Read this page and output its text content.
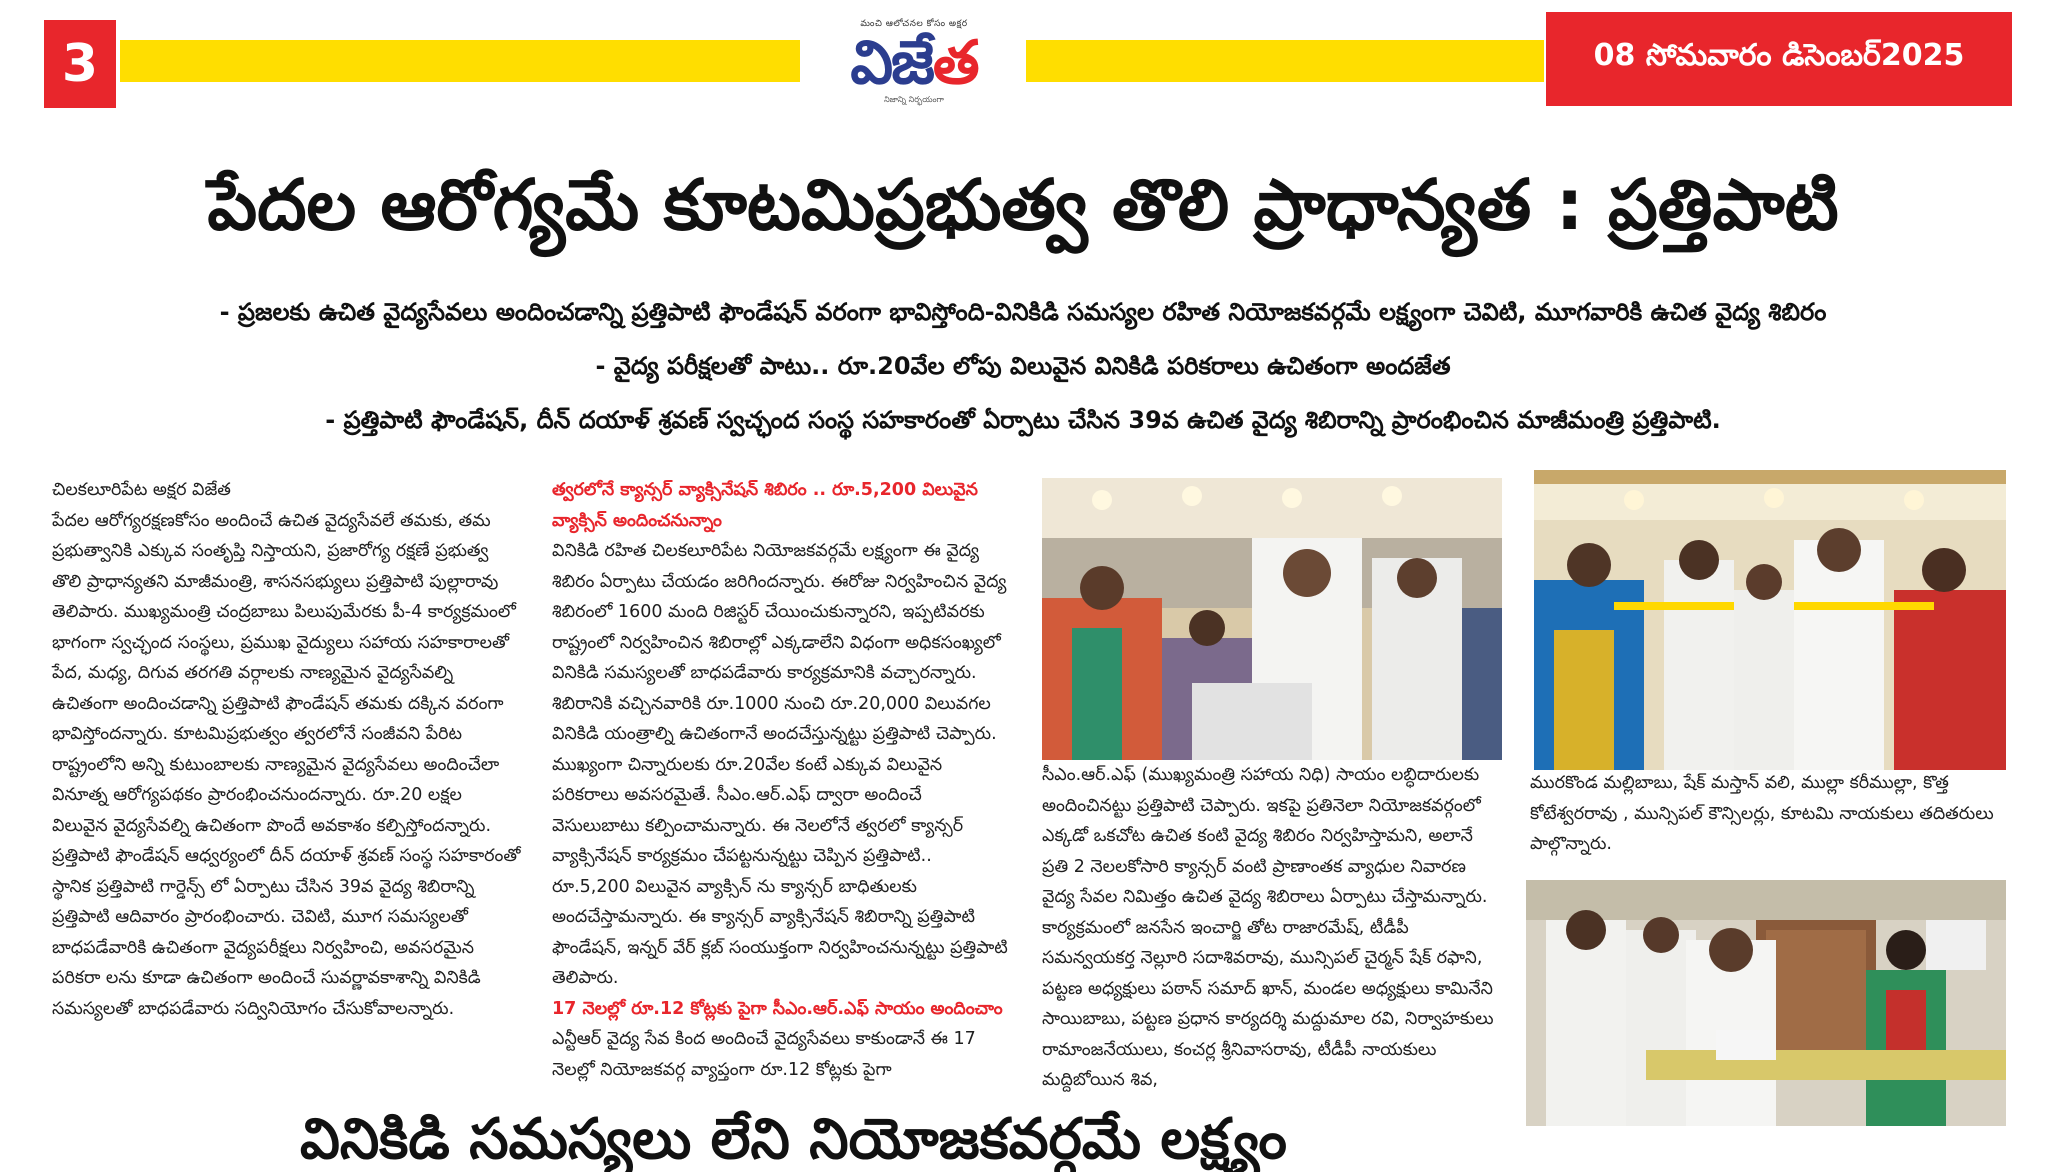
3
మంచి ఆలోచనల కోసం అక్షర
విజేత
నిజాన్ని నిర్భయంగా
08 సోమవారం డిసెంబర్2025
పేదల ఆరోగ్యమే కూటమిప్రభుత్వ తొలి ప్రాధాన్యత : ప్రత్తిపాటి
- ప్రజలకు ఉచిత వైద్యసేవలు అందించడాన్ని ప్రత్తిపాటి ఫౌండేషన్ వరంగా భావిస్తోంది-వినికిడి సమస్యల రహిత నియోజకవర్గమే లక్ష్యంగా చెవిటి, మూగవారికి ఉచిత వైద్య శిబిరం
- వైద్య పరీక్షలతో పాటు.. రూ.20వేల లోపు విలువైన వినికిడి పరికరాలు ఉచితంగా అందజేత
- ప్రత్తిపాటి ఫౌండేషన్, దీన్ దయాళ్ శ్రవణ్ స్వచ్ఛంద సంస్థ సహకారంతో ఏర్పాటు చేసిన 39వ ఉచిత వైద్య శిబిరాన్ని ప్రారంభించిన మాజీమంత్రి ప్రత్తిపాటి.

చిలకలూరిపేట అక్షర విజేత

పేదల ఆరోగ్యరక్షణకోసం అందించే ఉచిత వైద్యసేవలే తమకు, తమ ప్రభుత్వానికి ఎక్కువ సంతృప్తి నిస్తాయని, ప్రజారోగ్య రక్షణే ప్రభుత్వ తొలి ప్రాధాన్యతని మాజీమంత్రి, శాసనసభ్యులు ప్రత్తిపాటి పుల్లారావు తెలిపారు. ముఖ్యమంత్రి చంద్రబాబు పిలుపుమేరకు పీ-4 కార్యక్రమంలో భాగంగా స్వచ్ఛంద సంస్థలు, ప్రముఖ వైద్యులు సహాయ సహకారాలతో పేద, మధ్య, దిగువ తరగతి వర్గాలకు నాణ్యమైన వైద్యసేవల్ని ఉచితంగా అందించడాన్ని ప్రత్తిపాటి ఫౌండేషన్ తమకు దక్కిన వరంగా భావిస్తోందన్నారు. కూటమిప్రభుత్వం త్వరలోనే సంజీవని పేరిట రాష్ట్రంలోని అన్ని కుటుంబాలకు నాణ్యమైన వైద్యసేవలు అందించేలా వినూత్న ఆరోగ్యపథకం ప్రారంభించనుందన్నారు. రూ.20 లక్షల విలువైన వైద్యసేవల్ని ఉచితంగా పొందే అవకాశం కల్పిస్తోందన్నారు.

ప్రత్తిపాటి ఫౌండేషన్ ఆధ్వర్యంలో దీన్ దయాళ్ శ్రవణ్ సంస్థ సహకారంతో స్థానిక ప్రత్తిపాటి గార్డెన్స్ లో ఏర్పాటు చేసిన 39వ వైద్య శిబిరాన్ని ప్రత్తిపాటి ఆదివారం ప్రారంభించారు. చెవిటి, మూగ సమస్యలతో బాధపడేవారికి ఉచితంగా వైద్యపరీక్షలు నిర్వహించి, అవసరమైన పరికరా లను కూడా ఉచితంగా అందించే సువర్ణావకాశాన్ని వినికిడి సమస్యలతో బాధపడేవారు సద్వినియోగం చేసుకోవాలన్నారు.

త్వరలోనే క్యాన్సర్ వ్యాక్సినేషన్ శిబిరం .. రూ.5,200 విలువైన వ్యాక్సిన్ అందించనున్నాం

వినికిడి రహిత చిలకలూరిపేట నియోజకవర్గమే లక్ష్యంగా ఈ వైద్య శిబిరం ఏర్పాటు చేయడం జరిగిందన్నారు. ఈరోజు నిర్వహించిన వైద్య శిబిరంలో 1600 మంది రిజిస్టర్ చేయించుకున్నారని, ఇప్పటివరకు రాష్ట్రంలో నిర్వహించిన శిబిరాల్లో ఎక్కడాలేని విధంగా అధికసంఖ్యలో వినికిడి సమస్యలతో బాధపడేవారు కార్యక్రమానికి వచ్చారన్నారు. శిబిరానికి వచ్చినవారికి రూ.1000 నుంచి రూ.20,000 విలువగల వినికిడి యంత్రాల్ని ఉచితంగానే అందచేస్తున్నట్టు ప్రత్తిపాటి చెప్పారు. ముఖ్యంగా చిన్నారులకు రూ.20వేల కంటే ఎక్కువ విలువైన పరికరాలు అవసరమైతే. సీఎం.ఆర్.ఎఫ్ ద్వారా అందించే వెసులుబాటు కల్పించామన్నారు. ఈ నెలలోనే త్వరలో క్యాన్సర్ వ్యాక్సినేషన్ కార్యక్రమం చేపట్టనున్నట్టు చెప్పిన ప్రత్తిపాటి.. రూ.5,200 విలువైన వ్యాక్సిన్ ను క్యాన్సర్ బాధితులకు అందచేస్తామన్నారు. ఈ క్యాన్సర్ వ్యాక్సినేషన్ శిబిరాన్ని ప్రత్తిపాటి ఫౌండేషన్, ఇన్నర్ వేర్ క్లబ్ సంయుక్తంగా నిర్వహించనున్నట్టు ప్రత్తిపాటి తెలిపారు.

17 నెలల్లో రూ.12 కోట్లకు పైగా సీఎం.ఆర్.ఎఫ్ సాయం అందించాం

ఎన్టీఆర్ వైద్య సేవ కింద అందించే వైద్యసేవలు కాకుండానే ఈ 17 నెలల్లో నియోజకవర్గ వ్యాప్తంగా రూ.12 కోట్లకు పైగా

సీఎం.ఆర్.ఎఫ్ (ముఖ్యమంత్రి సహాయ నిధి) సాయం లబ్ధిదారులకు అందించినట్టు ప్రత్తిపాటి చెప్పారు. ఇకపై ప్రతినెలా నియోజకవర్గంలో ఎక్కడో ఒకచోట ఉచిత కంటి వైద్య శిబిరం నిర్వహిస్తామని, అలానే ప్రతి 2 నెలలకోసారి క్యాన్సర్ వంటి ప్రాణాంతక వ్యాధుల నివారణ వైద్య సేవల నిమిత్తం ఉచిత వైద్య శిబిరాలు ఏర్పాటు చేస్తామన్నారు.

కార్యక్రమంలో జనసేన ఇంచార్జి తోట రాజారమేష్, టీడీపీ సమన్వయకర్త నెల్లూరి సదాశివరావు, మున్సిపల్ చైర్మన్ షేక్ రఫాని, పట్టణ అధ్యక్షులు పఠాన్ సమాద్ ఖాన్, మండల అధ్యక్షులు కామినేని సాయిబాబు, పట్టణ ప్రధాన కార్యదర్శి మద్దుమాల రవి, నిర్వాహకులు రామాంజనేయులు, కంచర్ల శ్రీనివాసరావు, టీడీపీ నాయకులు మద్దిబోయిన శివ,

మురకొండ మల్లిబాబు, షేక్ మస్తాన్ వలి, ముల్లా కరీముల్లా, కొత్త కోటేశ్వరరావు , మున్సిపల్ కౌన్సిలర్లు, కూటమి నాయకులు తదితరులు పాల్గొన్నారు.

వినికిడి సమస్యలు లేని నియోజకవర్గమే లక్ష్యం
